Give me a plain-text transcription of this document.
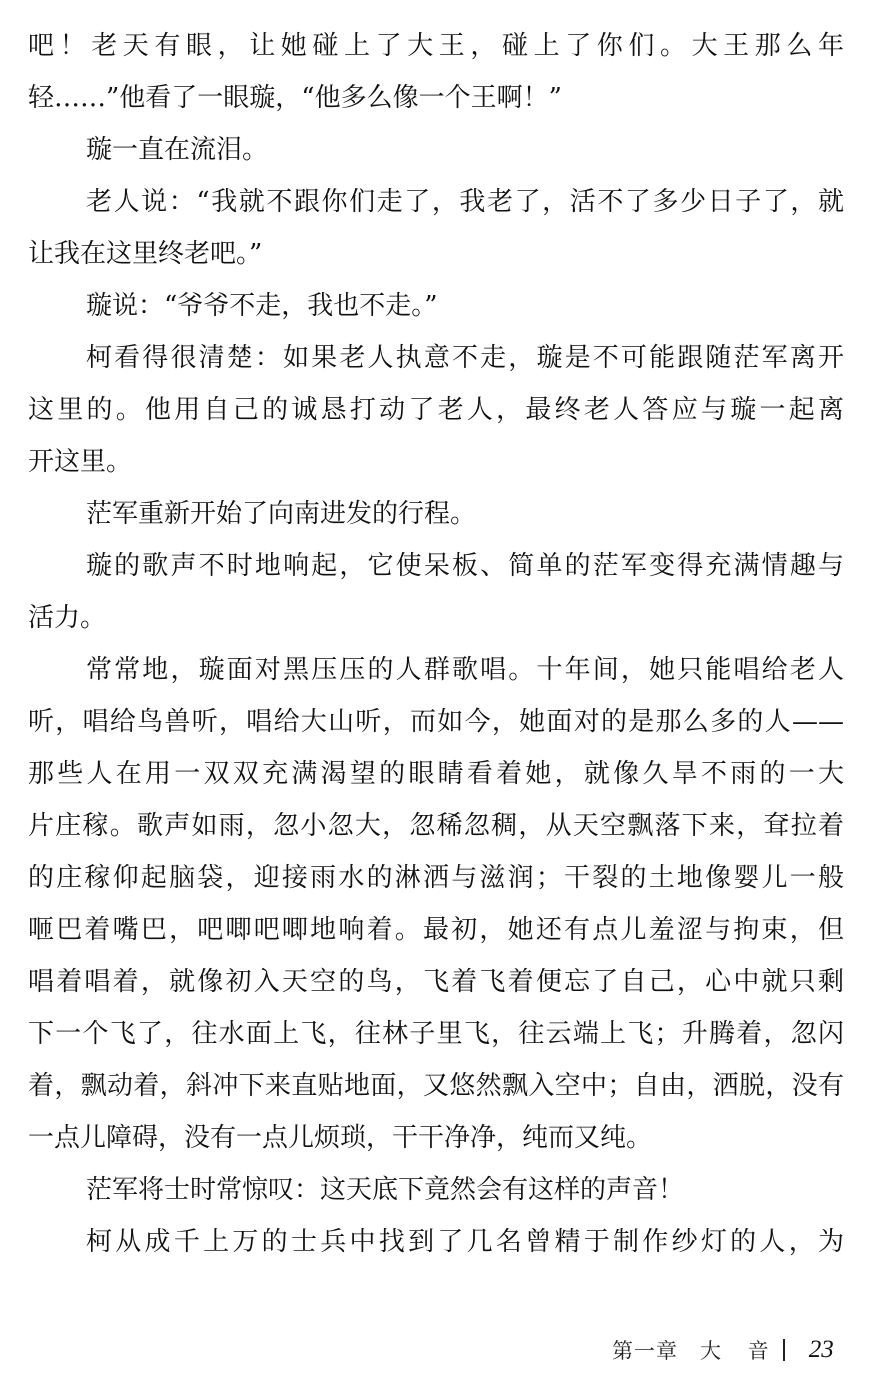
吧！老天有眼，让她碰上了大王，碰上了你们。大王那么年
轻……”他看了一眼璇，“他多么像一个王啊！”
璇一直在流泪。
老人说：“我就不跟你们走了，我老了，活不了多少日子了，就
让我在这里终老吧。”
璇说：“爷爷不走，我也不走。”
柯看得很清楚：如果老人执意不走，璇是不可能跟随茫军离开
这里的。他用自己的诚恳打动了老人，最终老人答应与璇一起离
开这里。
茫军重新开始了向南进发的行程。
璇的歌声不时地响起，它使呆板、简单的茫军变得充满情趣与
活力。
常常地，璇面对黑压压的人群歌唱。十年间，她只能唱给老人
听，唱给鸟兽听，唱给大山听，而如今，她面对的是那么多的人——
那些人在用一双双充满渴望的眼睛看着她，就像久旱不雨的一大
片庄稼。歌声如雨，忽小忽大，忽稀忽稠，从天空飘落下来，耷拉着
的庄稼仰起脑袋，迎接雨水的淋洒与滋润；干裂的土地像婴儿一般
咂巴着嘴巴，吧唧吧唧地响着。最初，她还有点儿羞涩与拘束，但
唱着唱着，就像初入天空的鸟，飞着飞着便忘了自己，心中就只剩
下一个飞了，往水面上飞，往林子里飞，往云端上飞；升腾着，忽闪
着，飘动着，斜冲下来直贴地面，又悠然飘入空中；自由，洒脱，没有
一点儿障碍，没有一点儿烦琐，干干净净，纯而又纯。
茫军将士时常惊叹：这天底下竟然会有这样的声音！
柯从成千上万的士兵中找到了几名曾精于制作纱灯的人，为
第一章 大 音 23
